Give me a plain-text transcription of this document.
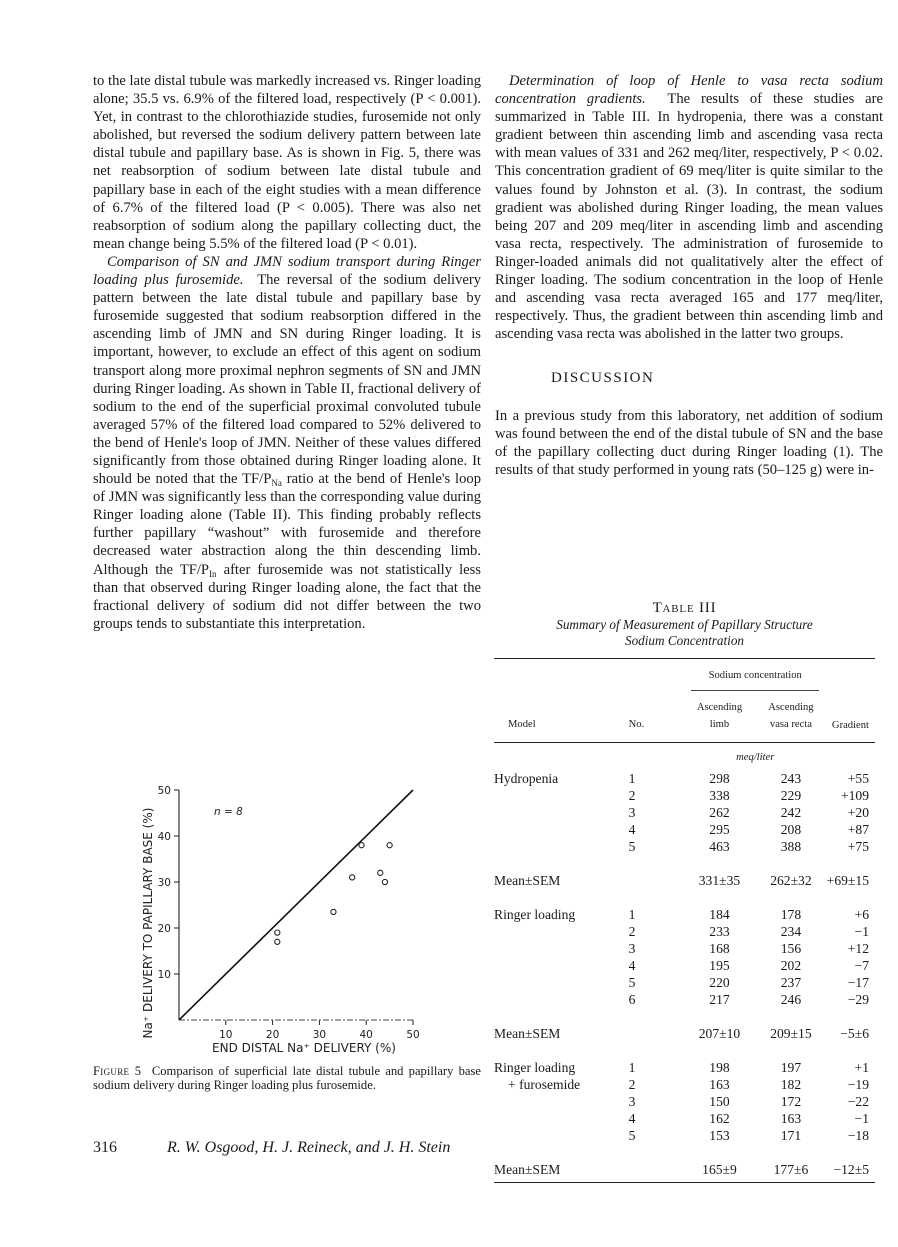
to the late distal tubule was markedly increased vs. Ringer loading alone; 35.5 vs. 6.9% of the filtered load, respectively (P < 0.001). Yet, in contrast to the chlorothiazide studies, furosemide not only abolished, but reversed the sodium delivery pattern between late distal tubule and papillary base. As is shown in Fig. 5, there was net reabsorption of sodium between late distal tubule and papillary base in each of the eight studies with a mean difference of 6.7% of the filtered load (P < 0.005). There was also net reabsorption of sodium along the papillary collecting duct, the mean change being 5.5% of the filtered load (P < 0.01).

Comparison of SN and JMN sodium transport during Ringer loading plus furosemide. The reversal of the sodium delivery pattern between the late distal tubule and papillary base by furosemide suggested that sodium reabsorption differed in the ascending limb of JMN and SN during Ringer loading. It is important, however, to exclude an effect of this agent on sodium transport along more proximal nephron segments of SN and JMN during Ringer loading. As shown in Table II, fractional delivery of sodium to the end of the superficial proximal convoluted tubule averaged 57% of the filtered load compared to 52% delivered to the bend of Henle's loop of JMN. Neither of these values differed significantly from those obtained during Ringer loading alone. It should be noted that the $TF/P_{Na}$ ratio at the bend of Henle's loop of JMN was significantly less than the corresponding value during Ringer loading alone (Table II). This finding probably reflects further papillary “washout” with furosemide and therefore decreased water abstraction along the thin descending limb. Although the $TF/P_{In}$ after furosemide was not statistically less than that observed during Ringer loading alone, the fact that the fractional delivery of sodium did not differ between the two groups tends to substantiate this interpretation.

Na⁺ DELIVERY TO PAPILLARY BASE (%) 10
20
30
40
50
10	20	30	40	50
n = 8
END DISTAL Na⁺ DELIVERY (%)
Figure 5 Comparison of superficial late distal tubule and papillary base sodium delivery during Ringer loading plus furosemide.

Determination of loop of Henle to vasa recta sodium concentration gradients. The results of these studies are summarized in Table III. In hydropenia, there was a constant gradient between thin ascending limb and ascending vasa recta with mean values of 331 and 262 meq/liter, respectively, P < 0.02. This concentration gradient of 69 meq/liter is quite similar to the values found by Johnston et al. (3). In contrast, the sodium gradient was abolished during Ringer loading, the mean values being 207 and 209 meq/liter in ascending limb and ascending vasa recta, respectively. The administration of furosemide to Ringer-loaded animals did not qualitatively alter the effect of Ringer loading. The sodium concentration in the loop of Henle and ascending vasa recta averaged 165 and 177 meq/liter, respectively. Thus, the gradient between thin ascending limb and ascending vasa recta was abolished in the latter two groups.

DISCUSSION

In a previous study from this laboratory, net addition of sodium was found between the end of the distal tubule of SN and the base of the papillary collecting duct during Ringer loading (1). The results of that study performed in young rats (50–125 g) were in-

Table III
Summary of Measurement of Papillary Structure
Sodium Concentration
		Sodium concentration		
Model	No.	
Ascending
limb

Ascending
vasa recta	Gradient

		meq/liter		
Hydropenia	1	298	243	+55
	2	338	229	+109
	3	262	242	+20
	4	295	208	+87
	5	463	388	+75

Mean±SEM		331±35	262±32	+69±15

Ringer loading	1	184	178	+6
	2	233	234	−1
	3	168	156	+12
	4	195	202	−7
	5	220	237	−17
	6	217	246	−29

Mean±SEM		207±10	209±15	−5±6

Ringer loading	1	198	197	+1
+ furosemide	2	163	182	−19
	3	150	172	−22
	4	162	163	−1
	5	153	171	−18

Mean±SEM		165±9	177±6	−12±5
316	R. W. Osgood, H. J. Reineck, and J. H. Stein
